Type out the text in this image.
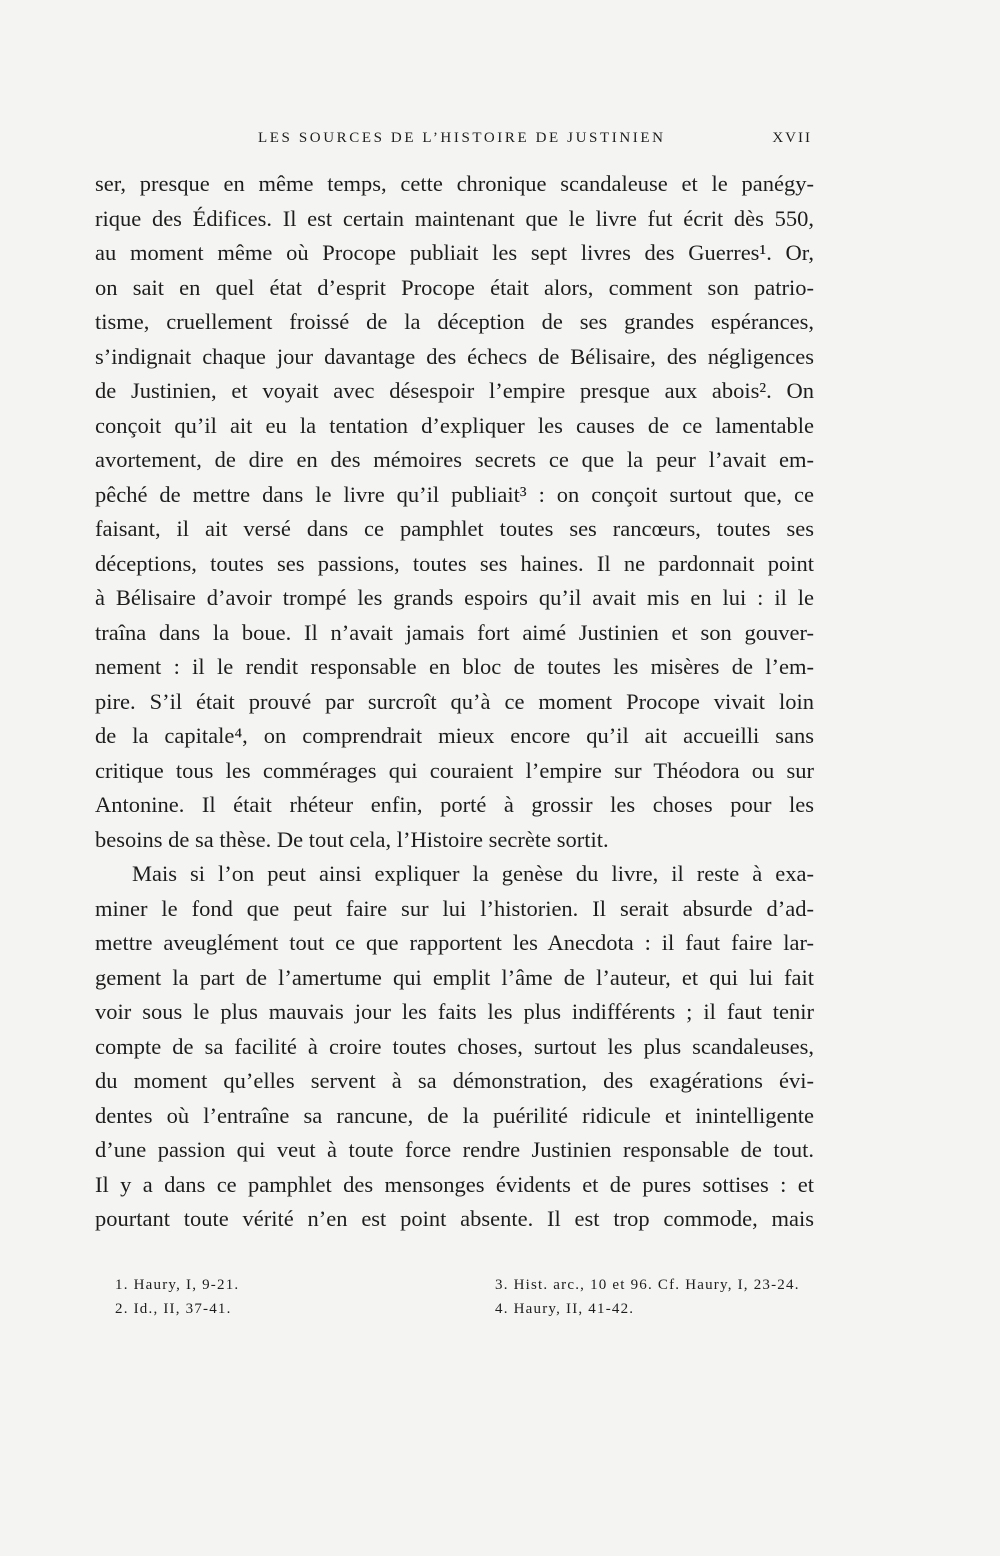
LES SOURCES DE L’HISTOIRE DE JUSTINIEN	XVII
ser, presque en même temps, cette chronique scandaleuse et le panégy-
rique des Édifices. Il est certain maintenant que le livre fut écrit dès 550,
au moment même où Procope publiait les sept livres des Guerres¹. Or,
on sait en quel état d’esprit Procope était alors, comment son patrio-
tisme, cruellement froissé de la déception de ses grandes espérances,
s’indignait chaque jour davantage des échecs de Bélisaire, des négligences
de Justinien, et voyait avec désespoir l’empire presque aux abois². On
conçoit qu’il ait eu la tentation d’expliquer les causes de ce lamentable
avortement, de dire en des mémoires secrets ce que la peur l’avait em-
pêché de mettre dans le livre qu’il publiait³ : on conçoit surtout que, ce
faisant, il ait versé dans ce pamphlet toutes ses rancœurs, toutes ses
déceptions, toutes ses passions, toutes ses haines. Il ne pardonnait point
à Bélisaire d’avoir trompé les grands espoirs qu’il avait mis en lui : il le
traîna dans la boue. Il n’avait jamais fort aimé Justinien et son gouver-
nement : il le rendit responsable en bloc de toutes les misères de l’em-
pire. S’il était prouvé par surcroît qu’à ce moment Procope vivait loin
de la capitale⁴, on comprendrait mieux encore qu’il ait accueilli sans
critique tous les commérages qui couraient l’empire sur Théodora ou sur
Antonine. Il était rhéteur enfin, porté à grossir les choses pour les
besoins de sa thèse. De tout cela, l’Histoire secrète sortit.
Mais si l’on peut ainsi expliquer la genèse du livre, il reste à exa-
miner le fond que peut faire sur lui l’historien. Il serait absurde d’ad-
mettre aveuglément tout ce que rapportent les Anecdota : il faut faire lar-
gement la part de l’amertume qui emplit l’âme de l’auteur, et qui lui fait
voir sous le plus mauvais jour les faits les plus indifférents ; il faut tenir
compte de sa facilité à croire toutes choses, surtout les plus scandaleuses,
du moment qu’elles servent à sa démonstration, des exagérations évi-
dentes où l’entraîne sa rancune, de la puérilité ridicule et inintelligente
d’une passion qui veut à toute force rendre Justinien responsable de tout.
Il y a dans ce pamphlet des mensonges évidents et de pures sottises : et
pourtant toute vérité n’en est point absente. Il est trop commode, mais
1. Haury, I, 9-21.
2. Id., II, 37-41.
3. Hist. arc., 10 et 96. Cf. Haury, I, 23-24.
4. Haury, II, 41-42.
